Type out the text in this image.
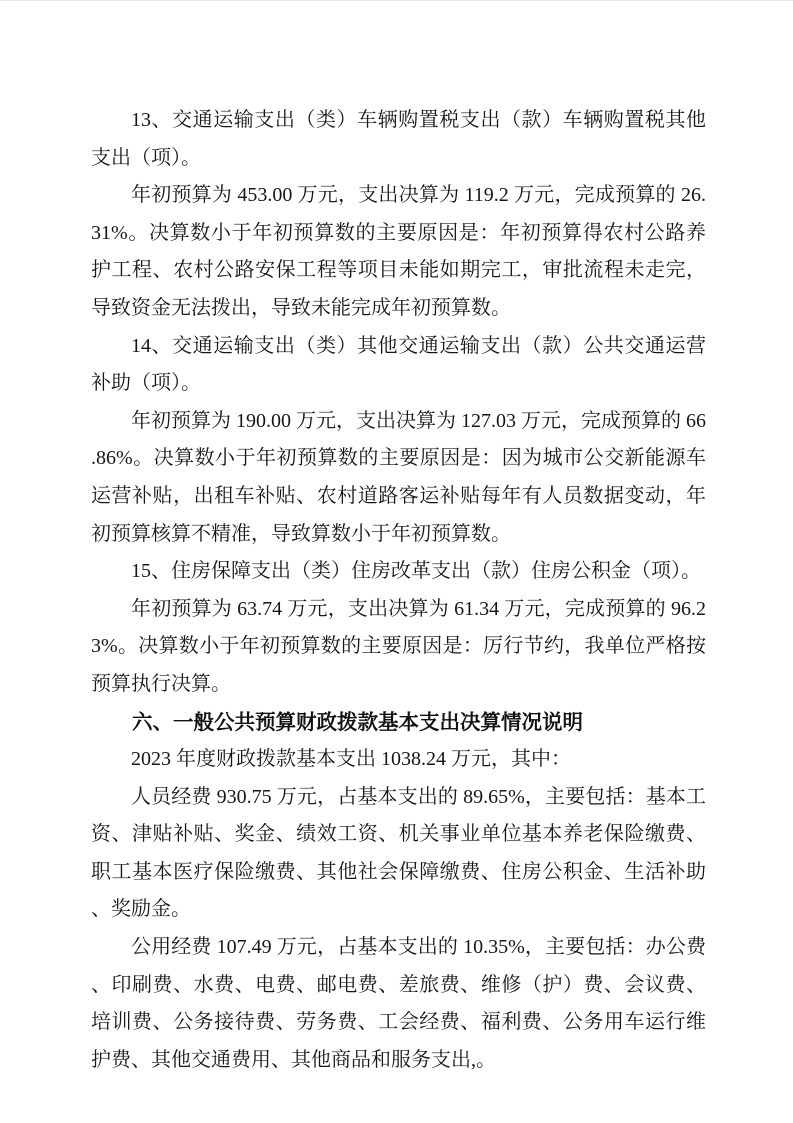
13、交通运输支出（类）车辆购置税支出（款）车辆购置税其他支出（项）。

年初预算为 453.00 万元，支出决算为 119.2 万元，完成预算的 26.31%。决算数小于年初预算数的主要原因是：年初预算得农村公路养护工程、农村公路安保工程等项目未能如期完工，审批流程未走完，导致资金无法拨出，导致未能完成年初预算数。

14、交通运输支出（类）其他交通运输支出（款）公共交通运营补助（项）。

年初预算为 190.00 万元，支出决算为 127.03 万元，完成预算的 66.86%。决算数小于年初预算数的主要原因是：因为城市公交新能源车运营补贴，出租车补贴、农村道路客运补贴每年有人员数据变动，年初预算核算不精准，导致算数小于年初预算数。

15、住房保障支出（类）住房改革支出（款）住房公积金（项）。

年初预算为 63.74 万元，支出决算为 61.34 万元，完成预算的 96.23%。决算数小于年初预算数的主要原因是：厉行节约，我单位严格按预算执行决算。

六、一般公共预算财政拨款基本支出决算情况说明

2023 年度财政拨款基本支出 1038.24 万元，其中：

人员经费 930.75 万元，占基本支出的 89.65%，主要包括：基本工资、津贴补贴、奖金、绩效工资、机关事业单位基本养老保险缴费、职工基本医疗保险缴费、其他社会保障缴费、住房公积金、生活补助、奖励金。

公用经费 107.49 万元，占基本支出的 10.35%，主要包括：办公费、印刷费、水费、电费、邮电费、差旅费、维修（护）费、会议费、培训费、公务接待费、劳务费、工会经费、福利费、公务用车运行维护费、其他交通费用、其他商品和服务支出,。
